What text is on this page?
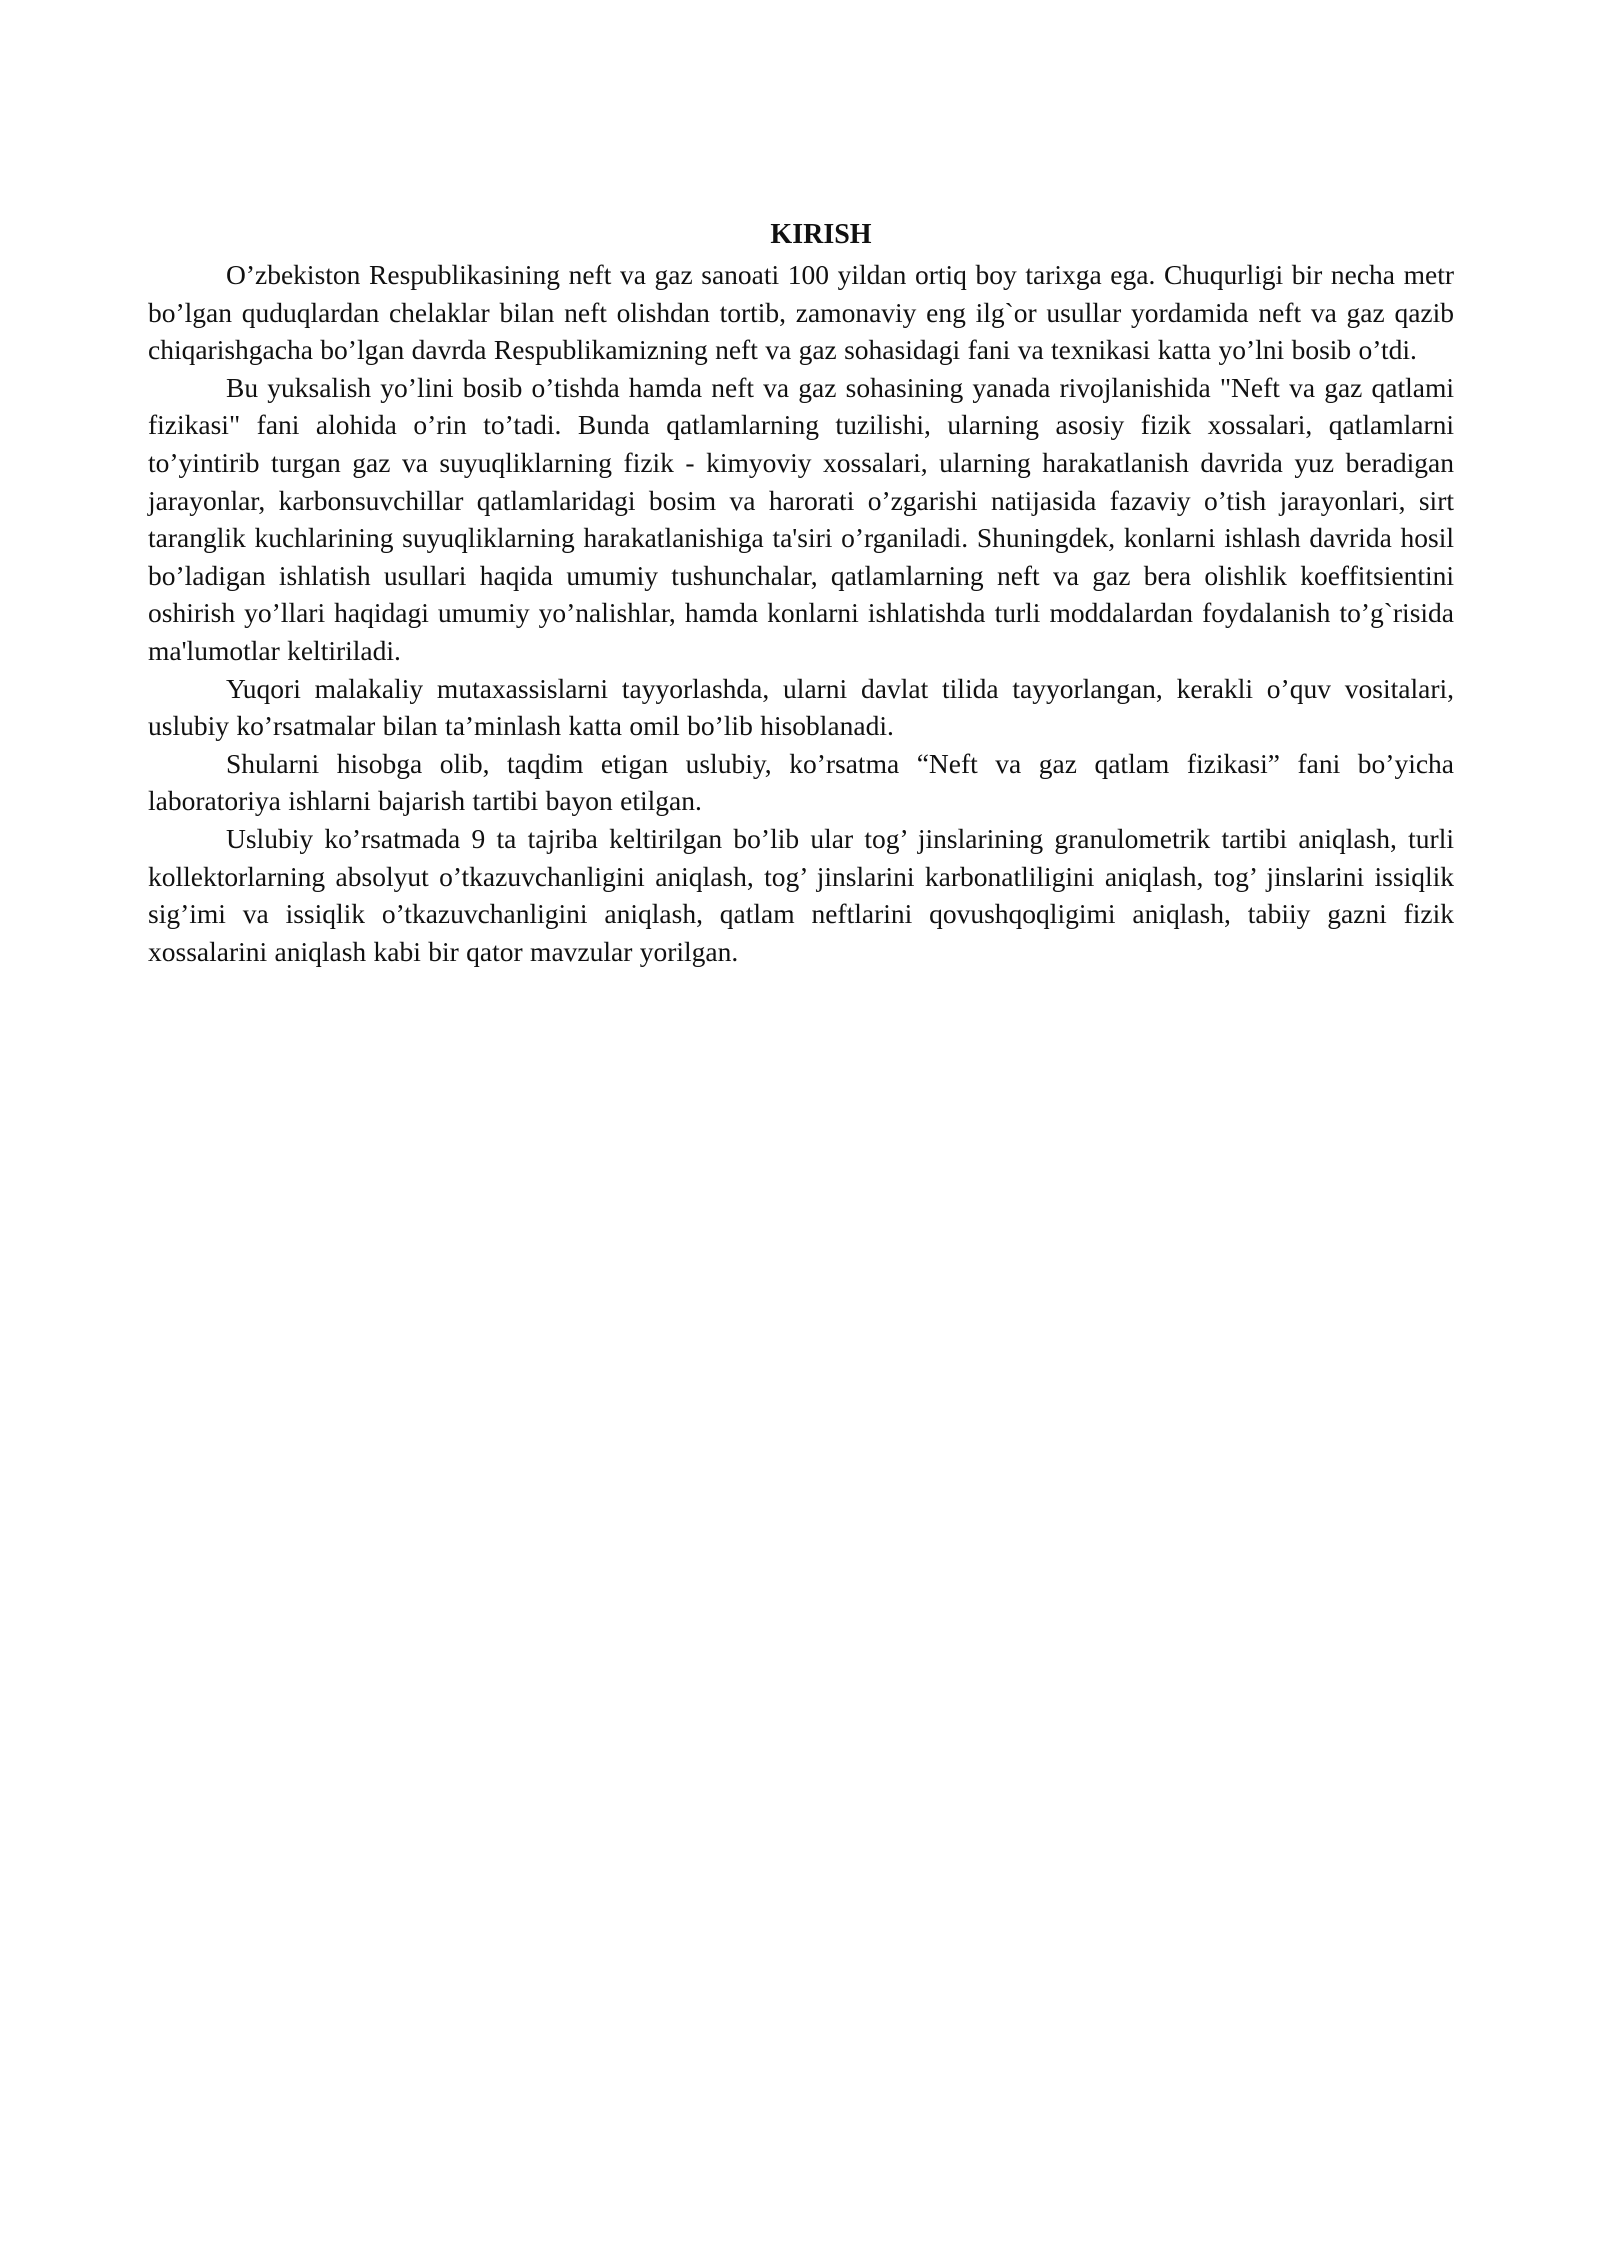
KIRISH

O’zbekiston Respublikasining neft va gaz sanoati 100 yildan ortiq boy tarixga ega. Chuqurligi bir necha metr bo’lgan quduqlardan chelaklar bilan neft olishdan tortib, zamonaviy eng ilg`or usullar yordamida neft va gaz qazib chiqarishgacha bo’lgan davrda Respublikamizning neft va gaz sohasidagi fani va texnikasi katta yo’lni bosib o’tdi.

Bu yuksalish yo’lini bosib o’tishda hamda neft va gaz sohasining yanada rivojlanishida "Neft va gaz qatlami fizikasi" fani alohida o’rin to’tadi. Bunda qatlamlarning tuzilishi, ularning asosiy fizik xossalari, qatlamlarni to’yintirib turgan gaz va suyuqliklarning fizik - kimyoviy xossalari, ularning harakatlanish davrida yuz beradigan jarayonlar, karbonsuvchillar qatlamlaridagi bosim va harorati o’zgarishi natijasida fazaviy o’tish jarayonlari, sirt taranglik kuchlarining suyuqliklarning harakatlanishiga ta'siri o’rganiladi. Shuningdek, konlarni ishlash davrida hosil bo’ladigan ishlatish usullari haqida umumiy tushunchalar, qatlamlarning neft va gaz bera olishlik koeffitsientini oshirish yo’llari haqidagi umumiy yo’nalishlar, hamda konlarni ishlatishda turli moddalardan foydalanish to’g`risida ma'lumotlar keltiriladi.

Yuqori malakaliy mutaxassislarni tayyorlashda, ularni davlat tilida tayyorlangan, kerakli o’quv vositalari, uslubiy ko’rsatmalar bilan ta’minlash katta omil bo’lib hisoblanadi.

Shularni hisobga olib, taqdim etigan uslubiy, ko’rsatma “Neft va gaz qatlam fizikasi” fani bo’yicha laboratoriya ishlarni bajarish tartibi bayon etilgan.

Uslubiy ko’rsatmada 9 ta tajriba keltirilgan bo’lib ular tog’ jinslarining granulometrik tartibi aniqlash, turli kollektorlarning absolyut o’tkazuvchanligini aniqlash, tog’ jinslarini karbonatliligini aniqlash, tog’ jinslarini issiqlik sig’imi va issiqlik o’tkazuvchanligini aniqlash, qatlam neftlarini qovushqoqligimi aniqlash, tabiiy gazni fizik xossalarini aniqlash kabi bir qator mavzular yorilgan.
